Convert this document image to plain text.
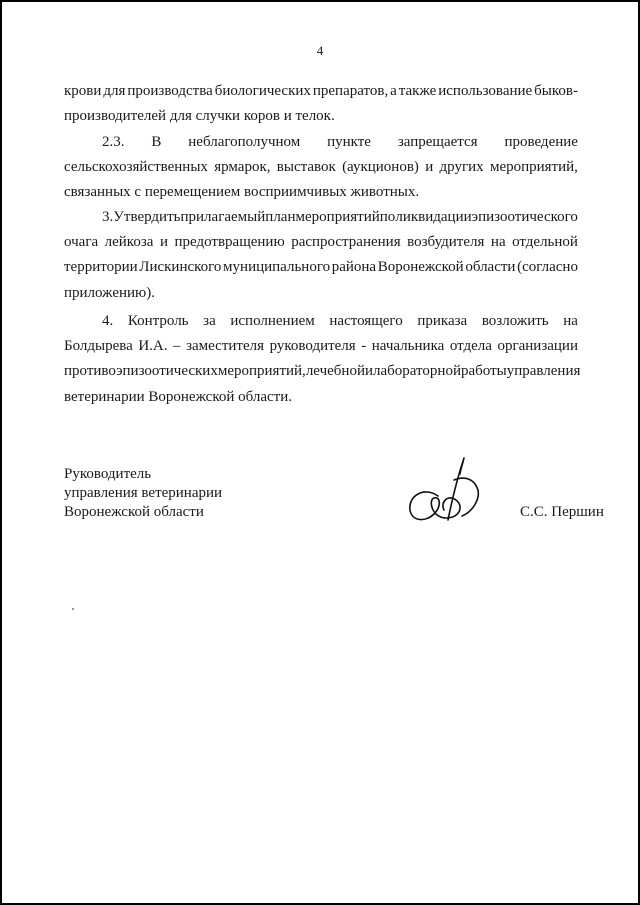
4
крови для производства биологических препаратов, а также использование быков-
производителей для случки коров и телок.
2.3. В неблагополучном пункте запрещается проведение
сельскохозяйственных ярмарок, выставок (аукционов) и других мероприятий,
связанных с перемещением восприимчивых животных.
3. Утвердить прилагаемый план мероприятий по ликвидации эпизоотического
очага лейкоза и предотвращению распространения возбудителя на отдельной
территории Лискинского муниципального района Воронежской области (согласно
приложению).
4. Контроль за исполнением настоящего приказа возложить на
Болдырева И.А. – заместителя руководителя - начальника отдела организации
противоэпизоотических мероприятий, лечебной и лабораторной работы управления
ветеринарии Воронежской области.
Руководитель
управления ветеринарии
Воронежской области	С.С. Першин
